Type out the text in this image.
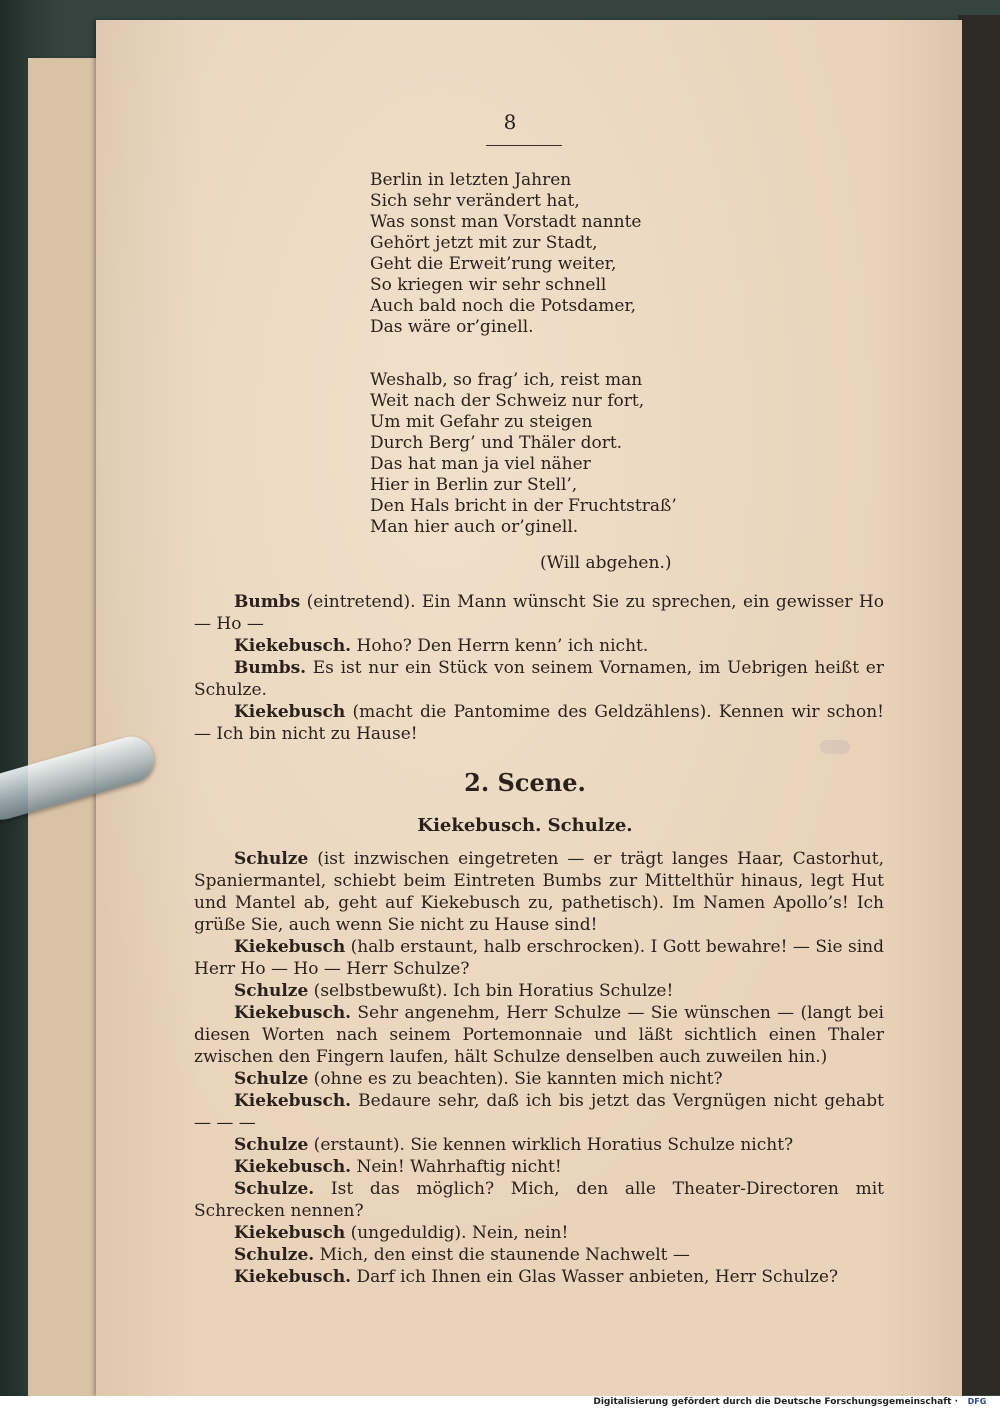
8
Berlin in letzten Jahren
Sich sehr verändert hat,
Was sonst man Vorstadt nannte
Gehört jetzt mit zur Stadt,
Geht die Erweit’rung weiter,
So kriegen wir sehr schnell
Auch bald noch die Potsdamer,
Das wäre or’ginell.
Weshalb, so frag’ ich, reist man
Weit nach der Schweiz nur fort,
Um mit Gefahr zu steigen
Durch Berg’ und Thäler dort.
Das hat man ja viel näher
Hier in Berlin zur Stell’,
Den Hals bricht in der Fruchtstraß’
Man hier auch or’ginell.
(Will abgehen.)

Bumbs (eintretend). Ein Mann wünscht Sie zu sprechen, ein gewisser Ho — Ho —

Kiekebusch. Hoho? Den Herrn kenn’ ich nicht.

Bumbs. Es ist nur ein Stück von seinem Vornamen, im Uebrigen heißt er Schulze.

Kiekebusch (macht die Pantomime des Geldzählens). Kennen wir schon! — Ich bin nicht zu Hause!

2. Scene.
Kiekebusch. Schulze.

Schulze (ist inzwischen eingetreten — er trägt langes Haar, Castorhut, Spaniermantel, schiebt beim Eintreten Bumbs zur Mittelthür hinaus, legt Hut und Mantel ab, geht auf Kiekebusch zu, pathetisch). Im Namen Apollo’s! Ich grüße Sie, auch wenn Sie nicht zu Hause sind!

Kiekebusch (halb erstaunt, halb erschrocken). I Gott bewahre! — Sie sind Herr Ho — Ho — Herr Schulze?

Schulze (selbstbewußt). Ich bin Horatius Schulze!

Kiekebusch. Sehr angenehm, Herr Schulze — Sie wünschen — (langt bei diesen Worten nach seinem Portemonnaie und läßt sichtlich einen Thaler zwischen den Fingern laufen, hält Schulze denselben auch zuweilen hin.)

Schulze (ohne es zu beachten). Sie kannten mich nicht?

Kiekebusch. Bedaure sehr, daß ich bis jetzt das Vergnügen nicht gehabt — — —

Schulze (erstaunt). Sie kennen wirklich Horatius Schulze nicht?

Kiekebusch. Nein! Wahrhaftig nicht!

Schulze. Ist das möglich? Mich, den alle Theater-Directoren mit Schrecken nennen?

Kiekebusch (ungeduldig). Nein, nein!

Schulze. Mich, den einst die staunende Nachwelt —

Kiekebusch. Darf ich Ihnen ein Glas Wasser anbieten, Herr Schulze?

Digitalisierung gefördert durch die Deutsche Forschungsgemeinschaft ·	DFG
